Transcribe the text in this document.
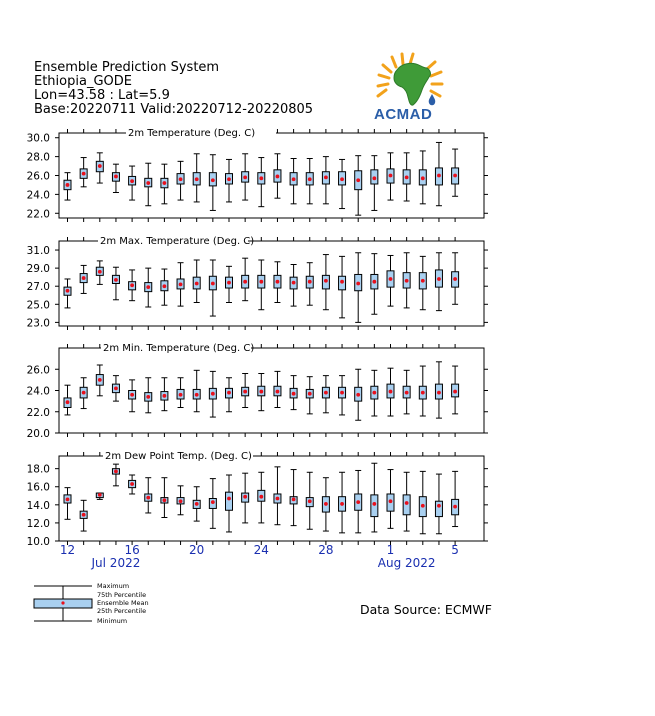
Ensemble Prediction System
Ethiopia_GODE
Lon=43.58 : Lat=5.9
Base:20220711 Valid:20220712-20220805	ACMAD
22.0
24.0
26.0
28.0
30.0	2m Temperature (Deg. C)
23.0
25.0
27.0
29.0
31.0
2m Max. Temperature (Deg. C)
20.0
22.0
24.0
26.0
2m Min. Temperature (Deg. C)
10.0
12.0
14.0
16.0
18.0
2m Dew Point Temp. (Deg. C)
12	16	20	24	28	1	5
Jul 2022	Aug 2022
Maximum
75th Percentile
Ensemble Mean
25th Percentile
Minimum
Data Source: ECMWF
